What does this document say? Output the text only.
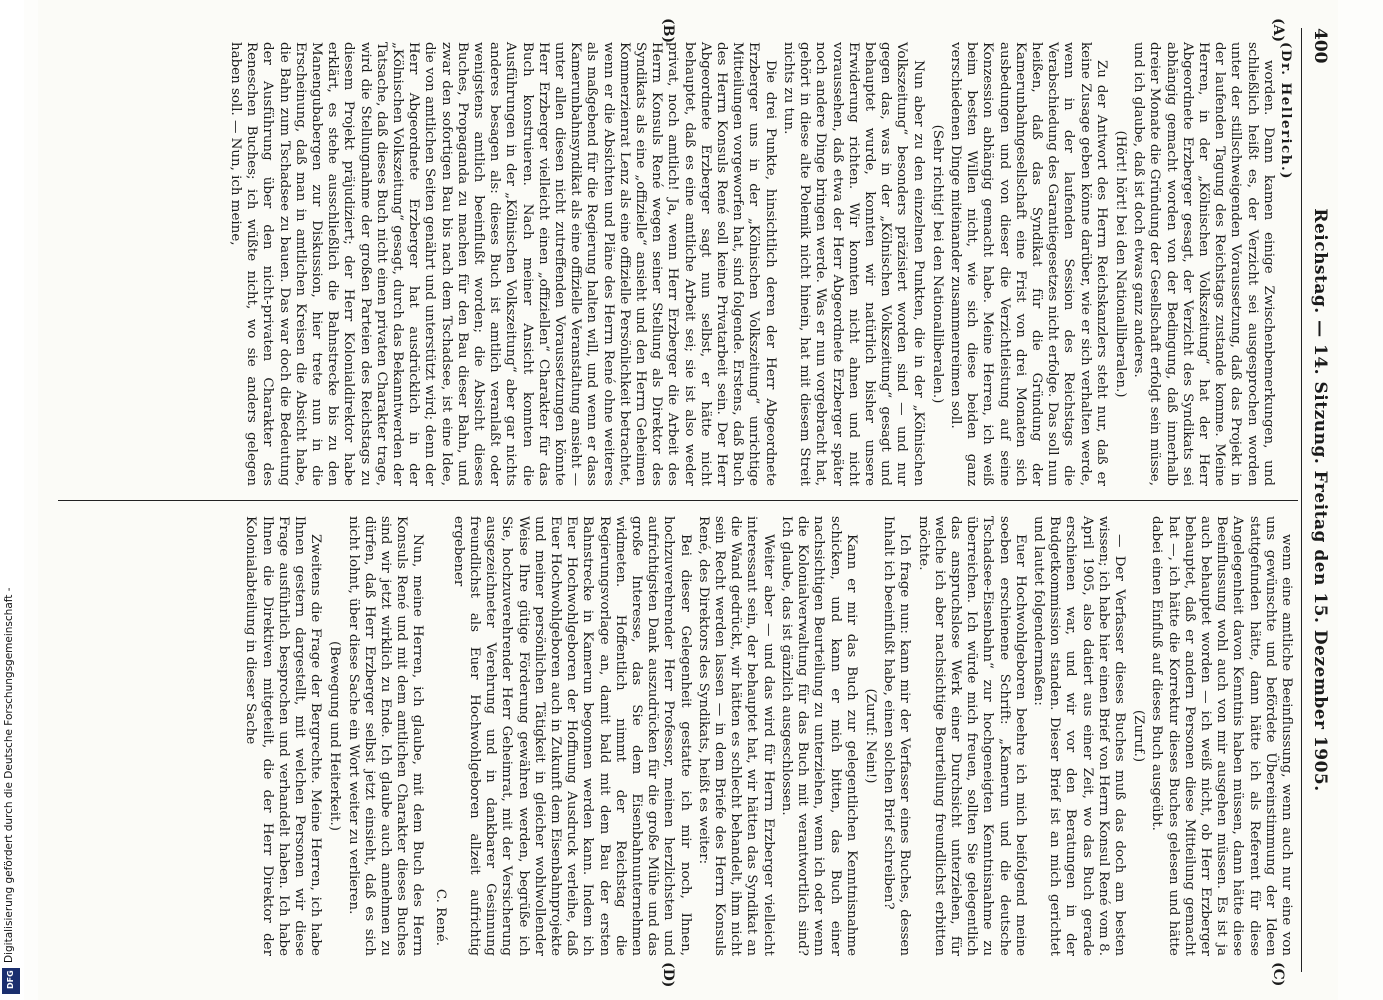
Digitalisierung gefördert durch die Deutsche Forschungsgemeinschaft -
DFG
400
Reichstag. — 14. Sitzung. Freitag den 15. Dezember 1905.
(A)
(B)
(C)
(D)

(Dr. Hellerich.)

worden. Dann kamen einige Zwischenbemerkungen, und schließlich heißt es, der Verzicht sei ausgesprochen worden unter der stillschweigenden Voraussetzung, daß das Projekt in der laufenden Tagung des Reichstags zustande komme. Meine Herren, in der „Kölnischen Volkszeitung“ hat der Herr Abgeordnete Erzberger gesagt, der Verzicht des Syndikats sei abhängig gemacht worden von der Bedingung, daß innerhalb dreier Monate die Gründung der Gesellschaft erfolgt sein müsse, und ich glaube, daß ist doch etwas ganz anderes.

(Hört! hört! bei den Nationalliberalen.)

Zu der Antwort des Herrn Reichskanzlers steht nur, daß er keine Zusage geben könne darüber, wie er sich verhalten werde, wenn in der laufenden Session des Reichstags die Verabschiedung des Garantiegesetzes nicht erfolge. Das soll nun heißen, daß das Syndikat für die Gründung der Kamerunbahngesellschaft eine Frist von drei Monaten sich ausbedungen und von dieser die Verzichtleistung auf seine Konzession abhängig gemacht habe. Meine Herren, ich weiß beim besten Willen nicht, wie sich diese beiden ganz verschiedenen Dinge miteinander zusammenreimen soll.

(Sehr richtig! bei den Nationalliberalen.)

Nun aber zu den einzelnen Punkten, die in der „Kölnischen Volkszeitung“ besonders präzisiert worden sind — und nur gegen das, was in der „Kölnischen Volkszeitung“ gesagt und behauptet wurde, konnten wir natürlich bisher unsere Erwiderung richten. Wir konnten nicht ahnen und nicht voraussehen, daß etwa der Herr Abgeordnete Erzberger später noch andere Dinge bringen werde. Was er nun vorgebracht hat, gehört in diese alte Polemik nicht hinein, hat mit diesem Streit nichts zu tun.

Die drei Punkte, hinsichtlich deren der Herr Abgeordnete Erzberger uns in der „Kölnischen Volkszeitung“ unrichtige Mitteilungen vorgeworfen hat, sind folgende. Erstens, daß Buch des Herrn Konsuls René soll keine Privatarbeit sein. Der Herr Abgeordnete Erzberger sagt nun selbst, er hätte nicht behauptet, daß es eine amtliche Arbeit sei; sie ist also weder privat, noch amtlich! Ja, wenn Herr Erzberger die Arbeit des Herrn Konsuls René wegen seiner Stellung als Direktor des Syndikats als eine „offizielle“ ansieht und den Herrn Geheimen Kommerzienrat Lenz als eine offizielle Persönlichkeit betrachtet, wenn er die Absichten und Pläne des Herrn René ohne weiteres als maßgebend für die Regierung halten will, und wenn er dass Kamerunbahnsyndikat als eine offizielle Veranstaltung ansieht — unter allen diesen nicht zutreffenden Voraussetzungen könnte Herr Erzberger vielleicht einen „offiziellen“ Charakter für das Buch konstruieren. Nach meiner Ansicht konnten die Ausführungen in der „Kölnischen Volkszeitung“ aber gar nichts anderes besagen als: dieses Buch ist amtlich veranlaßt oder wenigstens amtlich beeinflußt worden; die Absicht dieses Buches, Propaganda zu machen für den Bau dieser Bahn, und zwar den sofortigen Bau bis nach dem Tschadsee, ist eine Idee, die von amtlichen Seiten genährt und unterstützt wird; denn der Herr Abgeordnete Erzberger hat ausdrücklich in der „Kölnischen Volkszeitung“ gesagt, durch das Bekanntwerden der Tatsache, daß dieses Buch nicht einen privaten Charakter trage, wird die Stellungnahme der großen Parteien des Reichstags zu diesem Projekt präjudiziert; der Herr Kolonialdirektor habe erklärt, es stehe ausschließlich die Bahnstrecke bis zu den Manengubabergen zur Diskussion, hier trete nun in die Erscheinung, daß man in amtlichen Kreisen die Absicht habe, die Bahn zum Tschadsee zu bauen. Das war doch die Bedeutung der Ausführung über den nicht-privaten Charakter des Reneschen Buches; ich wüßte nicht, wo sie anders gelegen haben soll. — Nun, ich meine,

wenn eine amtliche Beeinflussung, wenn auch nur eine von uns gewünschte und befördete Übereinstimmung der Ideen stattgefunden hätte, dann hätte ich als Referent für diese Angelegenheit davon Kenntnis haben müssen, dann hätte diese Beeinflussung wohl auch von mir ausgehen müssen. Es ist ja auch behauptet worden — ich weiß nicht, ob Herr Erzberger behauptet, daß er andern Personen diese Mitteilung gemacht hat —, ich hätte die Korrektur dieses Buches gelesen und hätte dabei einen Einfluß auf dieses Buch ausgeübt.

(Zuruf.)

— Der Verfasser dieses Buches muß das doch am besten wissen; ich habe hier einen Brief von Herrn Konsul René vom 8. April 1905, also datiert aus einer Zeit, wo das Buch gerade erschienen war, und wir vor den Beratungen in der Budgetkommission standen. Dieser Brief ist an mich gerichtet und lautet folgendermaßen:

Euer Hochwohlgeboren beehre ich mich beifolgend meine soeben erschienene Schrift: „Kamerun und die deutsche Tschadsee-Eisenbahn“ zur hochgeneigten Kenntnisnahme zu überreichen. Ich würde mich freuen, sollten Sie gelegentlich das anspruchslose Werk einer Durchsicht unterziehen, für welche ich aber nachsichtige Beurteilung freundlichst erbitten möchte.

Ich frage nun: kann mir der Verfasser eines Buches, dessen Inhalt ich beeinflußt habe, einen solchen Brief schreiben?

(Zuruf: Nein!)

Kann er mir das Buch zur gelegentlichen Kenntnisnahme schicken, und kann er mich bitten, das Buch einer nachsichtigen Beurteilung zu unterziehen, wenn ich oder wenn die Kolonialverwaltung für das Buch mit verantwortlich sind? Ich glaube, das ist gänzlich ausgeschlossen.

Weiter aber — und das wird für Herrn Erzberger vielleicht interessant sein, der behauptet hat, wir hätten das Syndikat an die Wand gedrückt, wir hätten es schlecht behandelt, ihm nicht sein Recht werden lassen — in dem Briefe des Herrn Konsuls René, des Direktors des Syndikats, heißt es weiter:

Bei dieser Gelegenheit gestatte ich mir noch, Ihnen, hochzuverehrender Herr Professor, meinen herzlichsten und aufrichtigsten Dank auszudrücken für die große Mühe und das große Interesse, das Sie dem Eisenbahnunternehmen widmeten. Hoffentlich nimmt der Reichstag die Regierungsvorlage an, damit bald mit dem Bau der ersten Bahnstrecke in Kamerun begonnen werden kann. Indem ich Euer Hochwohlgeboren der Hoffnung Ausdruck verleihe, daß Euer Hochwohlgeboren auch in Zukunft dem Eisenbahnprojekte und meiner persönlichen Tätigkeit in gleicher wohlwollender Weise Ihre gütige Förderung gewähren werden, begrüße ich Sie, hochzuverehrender Herr Geheimrat, mit der Versicherung ausgezeichneter Verehrung und in dankbarer Gesinnung freundlichst als Euer Hochwohlgeboren allzeit aufrichtig ergebener

C. René.

Nun, meine Herren, ich glaube, mit dem Buch des Herrn Konsuls René und mit dem amtlichen Charakter dieses Buches sind wir jetzt wirklich zu Ende. Ich glaube auch annehmen zu dürfen, daß Herr Erzberger selbst jetzt einsieht, daß es sich nicht lohnt, über diese Sache ein Wort weiter zu verlieren.

(Bewegung und Heiterkeit.)

Zweitens die Frage der Bergrechte. Meine Herren, ich habe Ihnen gestern dargestellt, mit welchen Personen wir diese Frage ausführlich besprochen und verhandelt haben. Ich habe Ihnen die Direktiven mitgeteilt, die der Herr Direktor der Kolonialabteilung in dieser Sache
